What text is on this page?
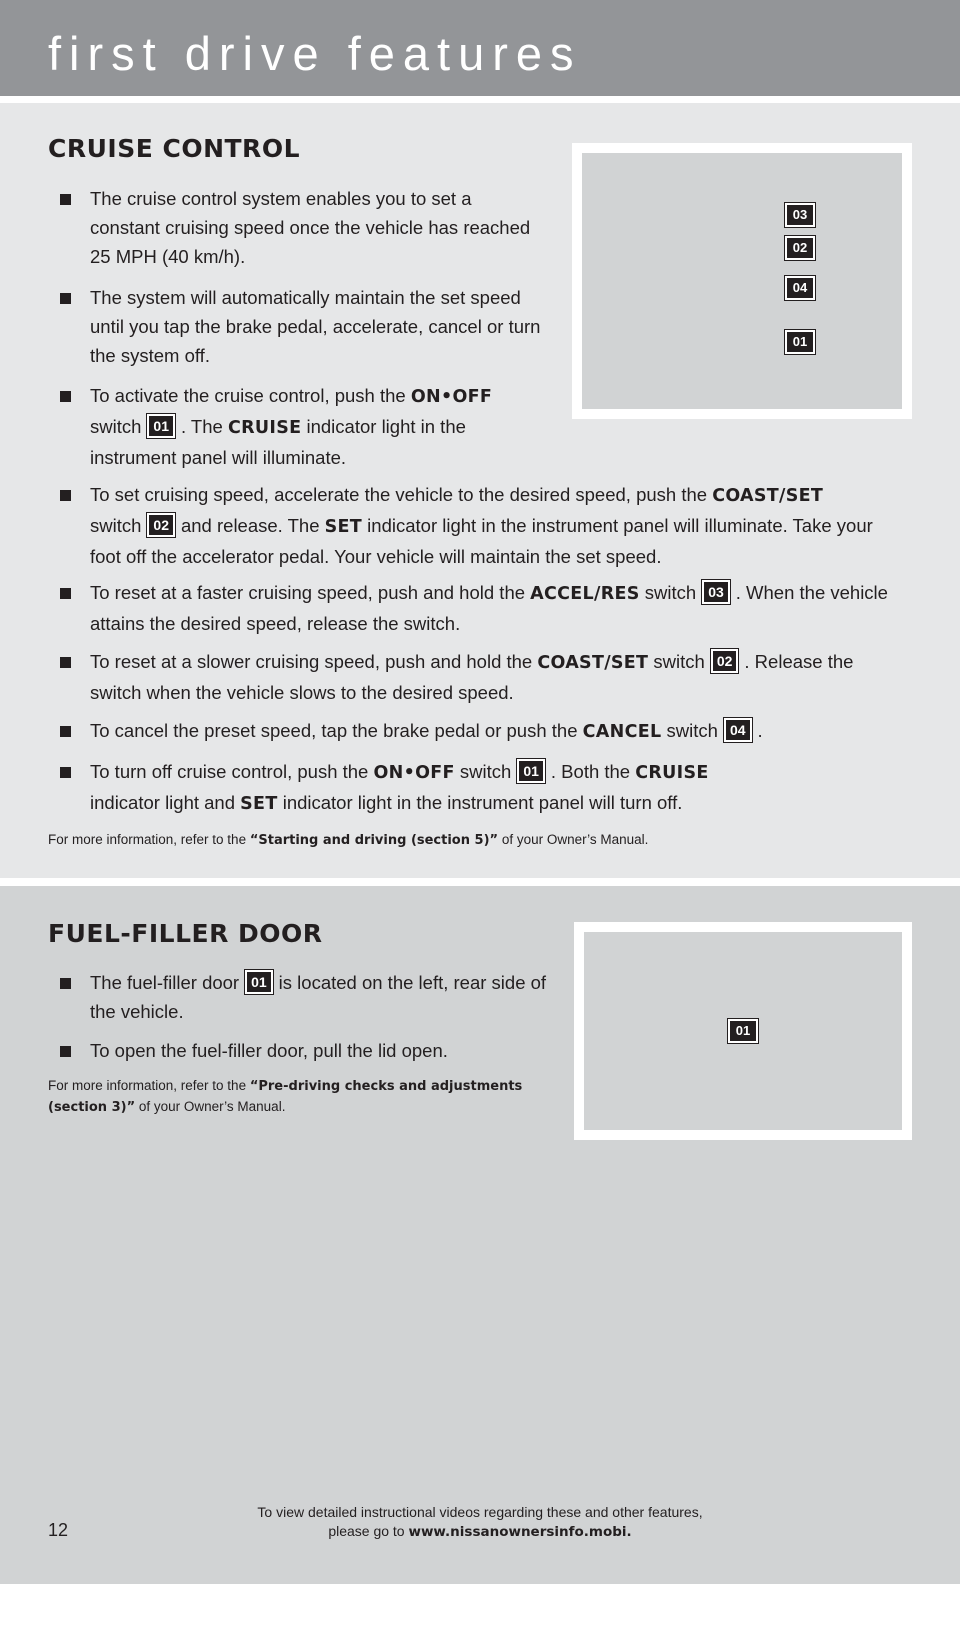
first drive features
CRUISE CONTROL
The cruise control system enables you to set a constant cruising speed once the vehicle has reached 25 MPH (40 km/h).
The system will automatically maintain the set speed until you tap the brake pedal, accelerate, cancel or turn the system off.
To activate the cruise control, push the ON•OFF
switch 01 . The CRUISE indicator light in the instrument panel will illuminate.
To set cruising speed, accelerate the vehicle to the desired speed, push the COAST/SET
switch 02 and release. The SET indicator light in the instrument panel will illuminate. Take your foot off the accelerator pedal. Your vehicle will maintain the set speed.
To reset at a faster cruising speed, push and hold the ACCEL/RES switch 03 . When the vehicle attains the desired speed, release the switch.
To reset at a slower cruising speed, push and hold the COAST/SET switch 02 . Release the switch when the vehicle slows to the desired speed.
To cancel the preset speed, tap the brake pedal or push the CANCEL switch 04 .
To turn off cruise control, push the ON•OFF switch 01 . Both the CRUISE
indicator light and SET indicator light in the instrument panel will turn off.
For more information, refer to the “Starting and driving (section 5)” of your Owner’s Manual.
03
02
04
01
FUEL-FILLER DOOR
The fuel-filler door 01 is located on the left, rear side of the vehicle.
To open the fuel-filler door, pull the lid open.
For more information, refer to the “Pre-driving checks and adjustments (section 3)” of your Owner’s Manual.
01
12
To view detailed instructional videos regarding these and other features,
please go to www.nissanownersinfo.mobi.
